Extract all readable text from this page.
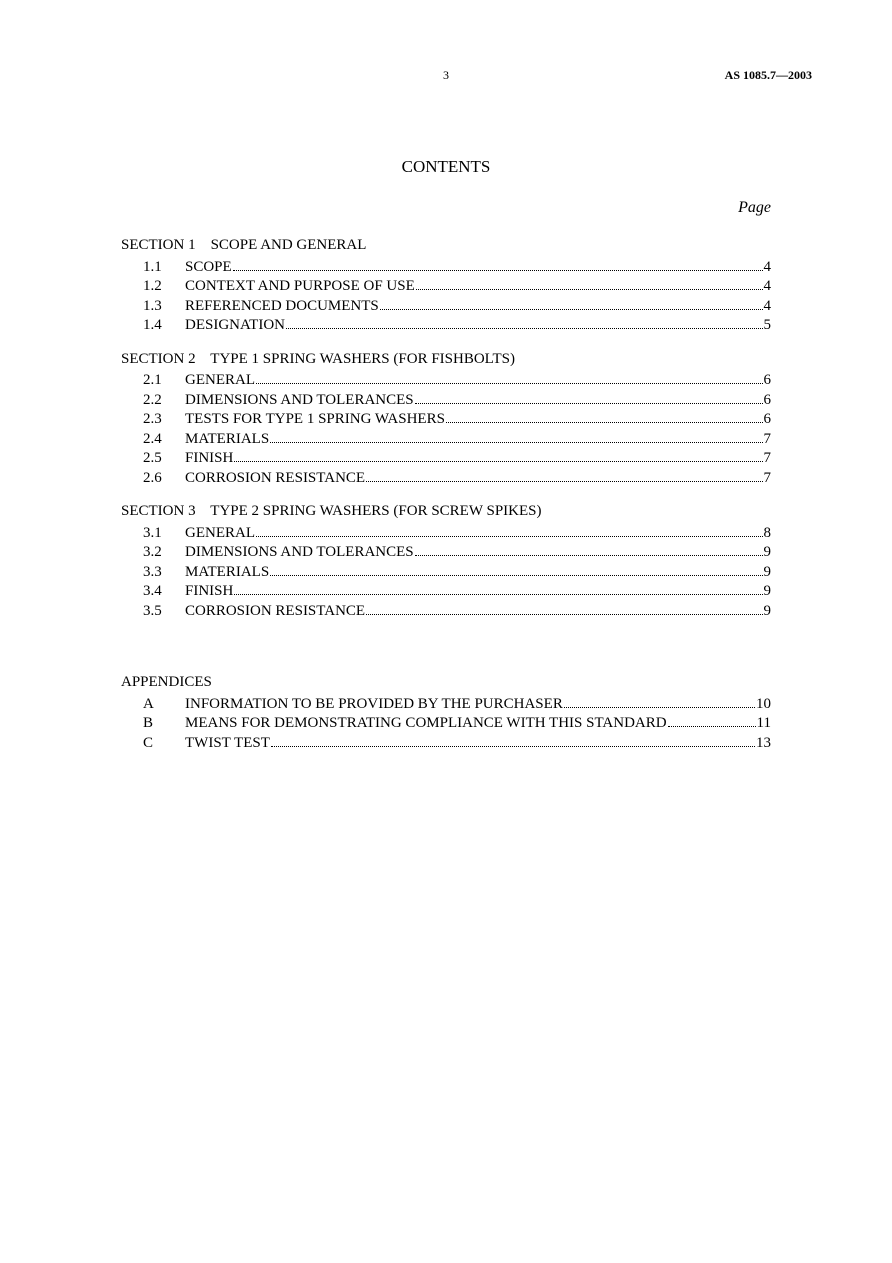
3	AS 1085.7—2003
CONTENTS
Page
SECTION 1    SCOPE AND GENERAL
1.1	SCOPE	4
1.2	CONTEXT AND PURPOSE OF USE	4
1.3	REFERENCED DOCUMENTS	4
1.4	DESIGNATION	5
SECTION 2    TYPE 1 SPRING WASHERS (FOR FISHBOLTS)
2.1	GENERAL	6
2.2	DIMENSIONS AND TOLERANCES	6
2.3	TESTS FOR TYPE 1 SPRING WASHERS	6
2.4	MATERIALS	7
2.5	FINISH	7
2.6	CORROSION RESISTANCE	7
SECTION 3    TYPE 2 SPRING WASHERS (FOR SCREW SPIKES)
3.1	GENERAL	8
3.2	DIMENSIONS AND TOLERANCES	9
3.3	MATERIALS	9
3.4	FINISH	9
3.5	CORROSION RESISTANCE	9
APPENDICES
A	INFORMATION TO BE PROVIDED BY THE PURCHASER	10
B	MEANS FOR DEMONSTRATING COMPLIANCE WITH THIS STANDARD	11
C	TWIST TEST	13
